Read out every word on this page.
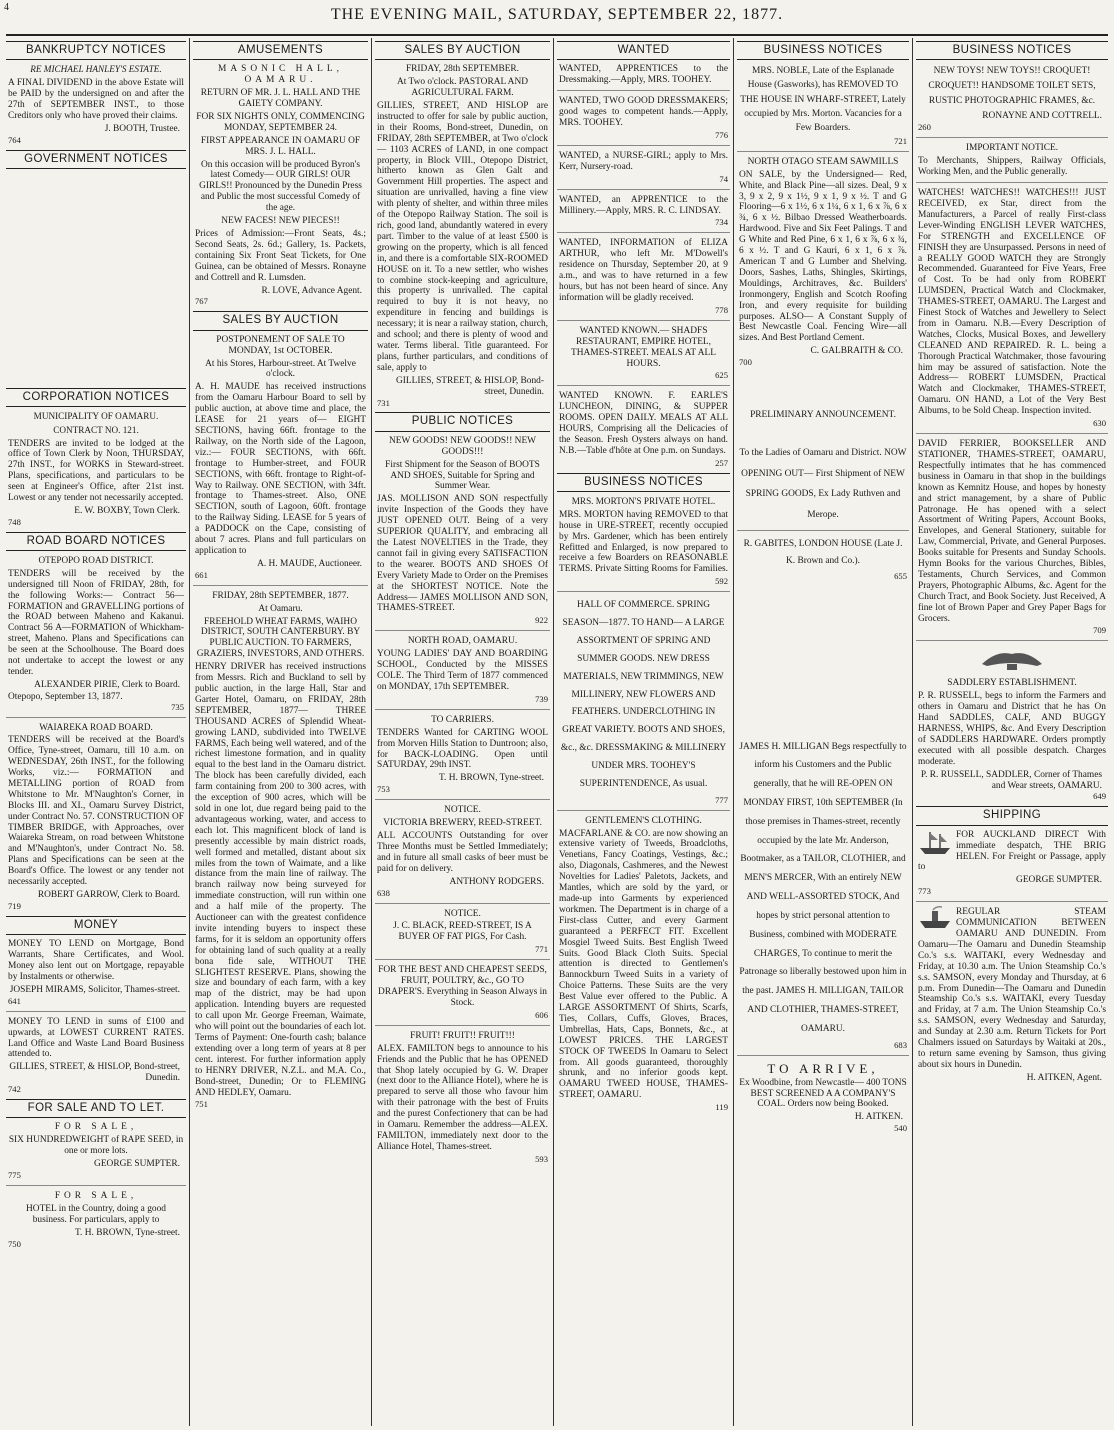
4	THE EVENING MAIL, SATURDAY, SEPTEMBER 22, 1877.
BANKRUPTCY NOTICES
RE MICHAEL HANLEY'S ESTATE.
A FINAL DIVIDEND in the above Estate will be PAID by the undersigned on and after the 27th of SEPTEMBER INST., to those Creditors only who have proved their claims.
J. BOOTH, Trustee.
764
GOVERNMENT NOTICES
CORPORATION NOTICES
MUNICIPALITY OF OAMARU.
CONTRACT NO. 121.
TENDERS are invited to be lodged at the office of Town Clerk by Noon, THURSDAY, 27th INST., for WORKS in Steward-street. Plans, specifications, and particulars to be seen at Engineer's Office, after 21st inst. Lowest or any tender not necessarily accepted.
E. W. BOXBY, Town Clerk.
748
ROAD BOARD NOTICES
OTEPOPO ROAD DISTRICT.
TENDERS will be received by the undersigned till Noon of FRIDAY, 28th, for the following Works:— Contract 56—FORMATION and GRAVELLING portions of the ROAD between Maheno and Kakanui. Contract 56 A—FORMATION of Whickham-street, Maheno. Plans and Specifications can be seen at the Schoolhouse. The Board does not undertake to accept the lowest or any tender.
ALEXANDER PIRIE, Clerk to Board.
Otepopo, September 13, 1877.
735
WAIAREKA ROAD BOARD.
TENDERS will be received at the Board's Office, Tyne-street, Oamaru, till 10 a.m. on WEDNESDAY, 26th INST., for the following Works, viz.:— FORMATION and METALLING portion of ROAD from Whitstone to Mr. M'Naughton's Corner, in Blocks III. and XI., Oamaru Survey District, under Contract No. 57. CONSTRUCTION OF TIMBER BRIDGE, with Approaches, over Waiareka Stream, on road between Whitstone and M'Naughton's, under Contract No. 58. Plans and Specifications can be seen at the Board's Office. The lowest or any tender not necessarily accepted.
ROBERT GARROW, Clerk to Board.
719
MONEY
MONEY TO LEND on Mortgage, Bond Warrants, Share Certificates, and Wool. Money also lent out on Mortgage, repayable by Instalments or otherwise.
JOSEPH MIRAMS, Solicitor, Thames-street.
641
MONEY TO LEND in sums of £100 and upwards, at LOWEST CURRENT RATES. Land Office and Waste Land Board Business attended to.
GILLIES, STREET, & HISLOP, Bond-street, Dunedin.
742
FOR SALE AND TO LET.
FOR SALE,
SIX HUNDREDWEIGHT of RAPE SEED, in one or more lots.
GEORGE SUMPTER.
775
FOR SALE,
HOTEL in the Country, doing a good business. For particulars, apply to
T. H. BROWN, Tyne-street.
750
AMUSEMENTS
MASONIC HALL, OAMARU.
RETURN OF MR. J. L. HALL AND THE GAIETY COMPANY.
FOR SIX NIGHTS ONLY, COMMENCING MONDAY, SEPTEMBER 24.
FIRST APPEARANCE IN OAMARU OF MRS. J. L. HALL.
On this occasion will be produced Byron's latest Comedy— OUR GIRLS! OUR GIRLS!! Pronounced by the Dunedin Press and Public the most successful Comedy of the age.
NEW FACES! NEW PIECES!!
Prices of Admission:—Front Seats, 4s.; Second Seats, 2s. 6d.; Gallery, 1s. Packets, containing Six Front Seat Tickets, for One Guinea, can be obtained of Messrs. Ronayne and Cottrell and R. Lumsden.
R. LOVE, Advance Agent.
767
SALES BY AUCTION
POSTPONEMENT OF SALE TO MONDAY, 1st OCTOBER.
At his Stores, Harbour-street. At Twelve o'clock.
A. H. MAUDE has received instructions from the Oamaru Harbour Board to sell by public auction, at above time and place, the LEASE for 21 years of— EIGHT SECTIONS, having 66ft. frontage to the Railway, on the North side of the Lagoon, viz.:— FOUR SECTIONS, with 66ft. frontage to Humber-street, and FOUR SECTIONS, with 66ft. frontage to Right-of-Way to Railway. ONE SECTION, with 34ft. frontage to Thames-street. Also, ONE SECTION, south of Lagoon, 60ft. frontage to the Railway Siding. LEASE for 5 years of a PADDOCK on the Cape, consisting of about 7 acres. Plans and full particulars on application to
A. H. MAUDE, Auctioneer.
661
FRIDAY, 28th SEPTEMBER, 1877.
At Oamaru.
FREEHOLD WHEAT FARMS, WAIHO DISTRICT, SOUTH CANTERBURY. BY PUBLIC AUCTION. TO FARMERS, GRAZIERS, INVESTORS, AND OTHERS.
HENRY DRIVER has received instructions from Messrs. Rich and Buckland to sell by public auction, in the large Hall, Star and Garter Hotel, Oamaru, on FRIDAY, 28th SEPTEMBER, 1877— THREE THOUSAND ACRES of Splendid Wheat-growing LAND, subdivided into TWELVE FARMS, Each being well watered, and of the richest limestone formation, and in quality equal to the best land in the Oamaru district. The block has been carefully divided, each farm containing from 200 to 300 acres, with the exception of 900 acres, which will be sold in one lot, due regard being paid to the advantageous working, water, and access to each lot. This magnificent block of land is presently accessible by main district roads, well formed and metalled, distant about six miles from the town of Waimate, and a like distance from the main line of railway. The branch railway now being surveyed for immediate construction, will run within one and a half mile of the property. The Auctioneer can with the greatest confidence invite intending buyers to inspect these farms, for it is seldom an opportunity offers for obtaining land of such quality at a really bona fide sale, WITHOUT THE SLIGHTEST RESERVE. Plans, showing the size and boundary of each farm, with a key map of the district, may be had upon application. Intending buyers are requested to call upon Mr. George Freeman, Waimate, who will point out the boundaries of each lot. Terms of Payment: One-fourth cash; balance extending over a long term of years at 8 per cent. interest. For further information apply to HENRY DRIVER, N.Z.L. and M.A. Co., Bond-street, Dunedin; Or to FLEMING AND HEDLEY, Oamaru.
751
SALES BY AUCTION
FRIDAY, 28th SEPTEMBER.
At Two o'clock. PASTORAL AND AGRICULTURAL FARM.
GILLIES, STREET, AND HISLOP are instructed to offer for sale by public auction, in their Rooms, Bond-street, Dunedin, on FRIDAY, 28th SEPTEMBER, at Two o'clock— 1103 ACRES of LAND, in one compact property, in Block VIII., Otepopo District, hitherto known as Glen Galt and Government Hill properties. The aspect and situation are unrivalled, having a fine view with plenty of shelter, and within three miles of the Otepopo Railway Station. The soil is rich, good land, abundantly watered in every part. Timber to the value of at least £500 is growing on the property, which is all fenced in, and there is a comfortable SIX-ROOMED HOUSE on it. To a new settler, who wishes to combine stock-keeping and agriculture, this property is unrivalled. The capital required to buy it is not heavy, no expenditure in fencing and buildings is necessary; it is near a railway station, church, and school; and there is plenty of wood and water. Terms liberal. Title guaranteed. For plans, further particulars, and conditions of sale, apply to
GILLIES, STREET, & HISLOP, Bond-street, Dunedin.
731
PUBLIC NOTICES
NEW GOODS! NEW GOODS!! NEW GOODS!!!
First Shipment for the Season of BOOTS AND SHOES, Suitable for Spring and Summer Wear.
JAS. MOLLISON AND SON respectfully invite Inspection of the Goods they have JUST OPENED OUT. Being of a very SUPERIOR QUALITY, and embracing all the Latest NOVELTIES in the Trade, they cannot fail in giving every SATISFACTION to the wearer. BOOTS AND SHOES Of Every Variety Made to Order on the Premises at the SHORTEST NOTICE. Note the Address— JAMES MOLLISON AND SON, THAMES-STREET.
922
NORTH ROAD, OAMARU.
YOUNG LADIES' DAY AND BOARDING SCHOOL, Conducted by the MISSES COLE. The Third Term of 1877 commenced on MONDAY, 17th SEPTEMBER.
739
TO CARRIERS.
TENDERS Wanted for CARTING WOOL from Morven Hills Station to Duntroon; also, for BACK-LOADING. Open until SATURDAY, 29th INST.
T. H. BROWN, Tyne-street.
753
NOTICE.
VICTORIA BREWERY, REED-STREET.
ALL ACCOUNTS Outstanding for over Three Months must be Settled Immediately; and in future all small casks of beer must be paid for on delivery.
ANTHONY RODGERS.
638
NOTICE.
J. C. BLACK, REED-STREET, IS A BUYER OF FAT PIGS, For Cash.
771
FOR THE BEST AND CHEAPEST SEEDS, FRUIT, POULTRY, &c., GO TO DRAPER'S. Everything in Season Always in Stock.
606
FRUIT! FRUIT!! FRUIT!!!
ALEX. FAMILTON begs to announce to his Friends and the Public that he has OPENED that Shop lately occupied by G. W. Draper (next door to the Alliance Hotel), where he is prepared to serve all those who favour him with their patronage with the best of Fruits and the purest Confectionery that can be had in Oamaru. Remember the address—ALEX. FAMILTON, immediately next door to the Alliance Hotel, Thames-street.
593
WANTED
WANTED, APPRENTICES to the Dressmaking.—Apply, MRS. TOOHEY.
WANTED, TWO GOOD DRESSMAKERS; good wages to competent hands.—Apply, MRS. TOOHEY.
776
WANTED, a NURSE-GIRL; apply to Mrs. Kerr, Nursery-road.
74
WANTED, an APPRENTICE to the Millinery.—Apply, MRS. R. C. LINDSAY.
734
WANTED, INFORMATION of ELIZA ARTHUR, who left Mr. M'Dowell's residence on Thursday, September 20, at 9 a.m., and was to have returned in a few hours, but has not been heard of since. Any information will be gladly received.
778
WANTED KNOWN.— SHADFS RESTAURANT, EMPIRE HOTEL, THAMES-STREET. MEALS AT ALL HOURS.
625
WANTED KNOWN. F. EARLE'S LUNCHEON, DINING, & SUPPER ROOMS. OPEN DAILY. MEALS AT ALL HOURS, Comprising all the Delicacies of the Season. Fresh Oysters always on hand. N.B.—Table d'hôte at One p.m. on Sundays.
257
BUSINESS NOTICES
MRS. MORTON'S PRIVATE HOTEL.
MRS. MORTON having REMOVED to that house in URE-STREET, recently occupied by Mrs. Gardener, which has been entirely Refitted and Enlarged, is now prepared to receive a few Boarders on REASONABLE TERMS. Private Sitting Rooms for Families.
592
HALL OF COMMERCE. SPRING SEASON—1877. TO HAND— A LARGE ASSORTMENT OF SPRING AND SUMMER GOODS. NEW DRESS MATERIALS, NEW TRIMMINGS, NEW MILLINERY, NEW FLOWERS AND FEATHERS. UNDERCLOTHING IN GREAT VARIETY. BOOTS AND SHOES, &c., &c. DRESSMAKING & MILLINERY UNDER MRS. TOOHEY'S SUPERINTENDENCE, As usual.
777
GENTLEMEN'S CLOTHING.
MACFARLANE & CO. are now showing an extensive variety of Tweeds, Broadcloths, Venetians, Fancy Coatings, Vestings, &c.; also, Diagonals, Cashmeres, and the Newest Novelties for Ladies' Paletots, Jackets, and Mantles, which are sold by the yard, or made-up into Garments by experienced workmen. The Department is in charge of a First-class Cutter, and every Garment guaranteed a PERFECT FIT. Excellent Mosgiel Tweed Suits. Best English Tweed Suits. Good Black Cloth Suits. Special attention is directed to Gentlemen's Bannockburn Tweed Suits in a variety of Choice Patterns. These Suits are the very Best Value ever offered to the Public. A LARGE ASSORTMENT Of Shirts, Scarfs, Ties, Collars, Cuffs, Gloves, Braces, Umbrellas, Hats, Caps, Bonnets, &c., at LOWEST PRICES. THE LARGEST STOCK OF TWEEDS In Oamaru to Select from. All goods guaranteed, thoroughly shrunk, and no inferior goods kept. OAMARU TWEED HOUSE, THAMES-STREET, OAMARU.
119
BUSINESS NOTICES
MRS. NOBLE, Late of the Esplanade House (Gasworks), has REMOVED TO THE HOUSE IN WHARF-STREET, Lately occupied by Mrs. Morton. Vacancies for a Few Boarders.
721
NORTH OTAGO STEAM SAWMILLS
ON SALE, by the Undersigned— Red, White, and Black Pine—all sizes. Deal, 9 x 3, 9 x 2, 9 x 1½, 9 x 1, 9 x ½. T and G Flooring—6 x 1½, 6 x 1¼, 6 x 1, 6 x ⅞, 6 x ¾, 6 x ½. Bilbao Dressed Weatherboards. Hardwood. Five and Six Feet Palings. T and G White and Red Pine, 6 x 1, 6 x ⅞, 6 x ¾, 6 x ½. T and G Kauri, 6 x 1, 6 x ⅞. American T and G Lumber and Shelving. Doors, Sashes, Laths, Shingles, Skirtings, Mouldings, Architraves, &c. Builders' Ironmongery, English and Scotch Roofing Iron, and every requisite for building purposes. ALSO— A Constant Supply of Best Newcastle Coal. Fencing Wire—all sizes. And Best Portland Cement.
C. GALBRAITH & CO.
700
PRELIMINARY ANNOUNCEMENT.
To the Ladies of Oamaru and District. NOW OPENING OUT— First Shipment of NEW SPRING GOODS, Ex Lady Ruthven and Merope.
R. GABITES, LONDON HOUSE (Late J. K. Brown and Co.).
655
JAMES H. MILLIGAN Begs respectfully to inform his Customers and the Public generally, that he will RE-OPEN ON MONDAY FIRST, 10th SEPTEMBER (In those premises in Thames-street, recently occupied by the late Mr. Anderson, Bootmaker, as a TAILOR, CLOTHIER, and MEN'S MERCER, With an entirely NEW AND WELL-ASSORTED STOCK, And hopes by strict personal attention to Business, combined with MODERATE CHARGES, To continue to merit the Patronage so liberally bestowed upon him in the past. JAMES H. MILLIGAN, TAILOR AND CLOTHIER, THAMES-STREET, OAMARU.
683
TO ARRIVE,
Ex Woodbine, from Newcastle— 400 TONS BEST SCREENED A A COMPANY'S COAL. Orders now being Booked.
H. AITKEN.
540
BUSINESS NOTICES
NEW TOYS! NEW TOYS!! CROQUET! CROQUET!! HANDSOME TOILET SETS, RUSTIC PHOTOGRAPHIC FRAMES, &c.
RONAYNE AND COTTRELL.
260
IMPORTANT NOTICE.
To Merchants, Shippers, Railway Officials, Working Men, and the Public generally.
WATCHES! WATCHES!! WATCHES!!! JUST RECEIVED, ex Star, direct from the Manufacturers, a Parcel of really First-class Lever-Winding ENGLISH LEVER WATCHES, For STRENGTH and EXCELLENCE OF FINISH they are Unsurpassed. Persons in need of a REALLY GOOD WATCH they are Strongly Recommended. Guaranteed for Five Years, Free of Cost. To be had only from ROBERT LUMSDEN, Practical Watch and Clockmaker, THAMES-STREET, OAMARU. The Largest and Finest Stock of Watches and Jewellery to Select from in Oamaru. N.B.—Every Description of Watches, Clocks, Musical Boxes, and Jewellery CLEANED AND REPAIRED. R. L. being a Thorough Practical Watchmaker, those favouring him may be assured of satisfaction. Note the Address— ROBERT LUMSDEN, Practical Watch and Clockmaker, THAMES-STREET, Oamaru. ON HAND, a Lot of the Very Best Albums, to be Sold Cheap. Inspection invited.
630
DAVID FERRIER, BOOKSELLER AND STATIONER, THAMES-STREET, OAMARU, Respectfully intimates that he has commenced business in Oamaru in that shop in the buildings known as Kemnitz House, and hopes by honesty and strict management, by a share of Public Patronage. He has opened with a select Assortment of Writing Papers, Account Books, Envelopes, and General Stationery, suitable for Law, Commercial, Private, and General Purposes. Books suitable for Presents and Sunday Schools. Hymn Books for the various Churches, Bibles, Testaments, Church Services, and Common Prayers, Photographic Albums, &c. Agent for the Church Tract, and Book Society. Just Received, A fine lot of Brown Paper and Grey Paper Bags for Grocers.
709
SADDLERY ESTABLISHMENT.
P. R. RUSSELL, begs to inform the Farmers and others in Oamaru and District that he has On Hand SADDLES, CALF, AND BUGGY HARNESS, WHIPS, &c. And Every Description of SADDLERS HARDWARE. Orders promptly executed with all possible despatch. Charges moderate.
P. R. RUSSELL, SADDLER, Corner of Thames and Wear streets, OAMARU.
649
SHIPPING
FOR AUCKLAND DIRECT With immediate despatch, THE BRIG HELEN. For Freight or Passage, apply to
GEORGE SUMPTER.
773
REGULAR STEAM COMMUNICATION BETWEEN OAMARU AND DUNEDIN. From Oamaru—The Oamaru and Dunedin Steamship Co.'s s.s. WAITAKI, every Wednesday and Friday, at 10.30 a.m. The Union Steamship Co.'s s.s. SAMSON, every Monday and Thursday, at 6 p.m. From Dunedin—The Oamaru and Dunedin Steamship Co.'s s.s. WAITAKI, every Tuesday and Friday, at 7 a.m. The Union Steamship Co.'s s.s. SAMSON, every Wednesday and Saturday, and Sunday at 2.30 a.m. Return Tickets for Port Chalmers issued on Saturdays by Waitaki at 20s., to return same evening by Samson, thus giving about six hours in Dunedin.
H. AITKEN, Agent.
